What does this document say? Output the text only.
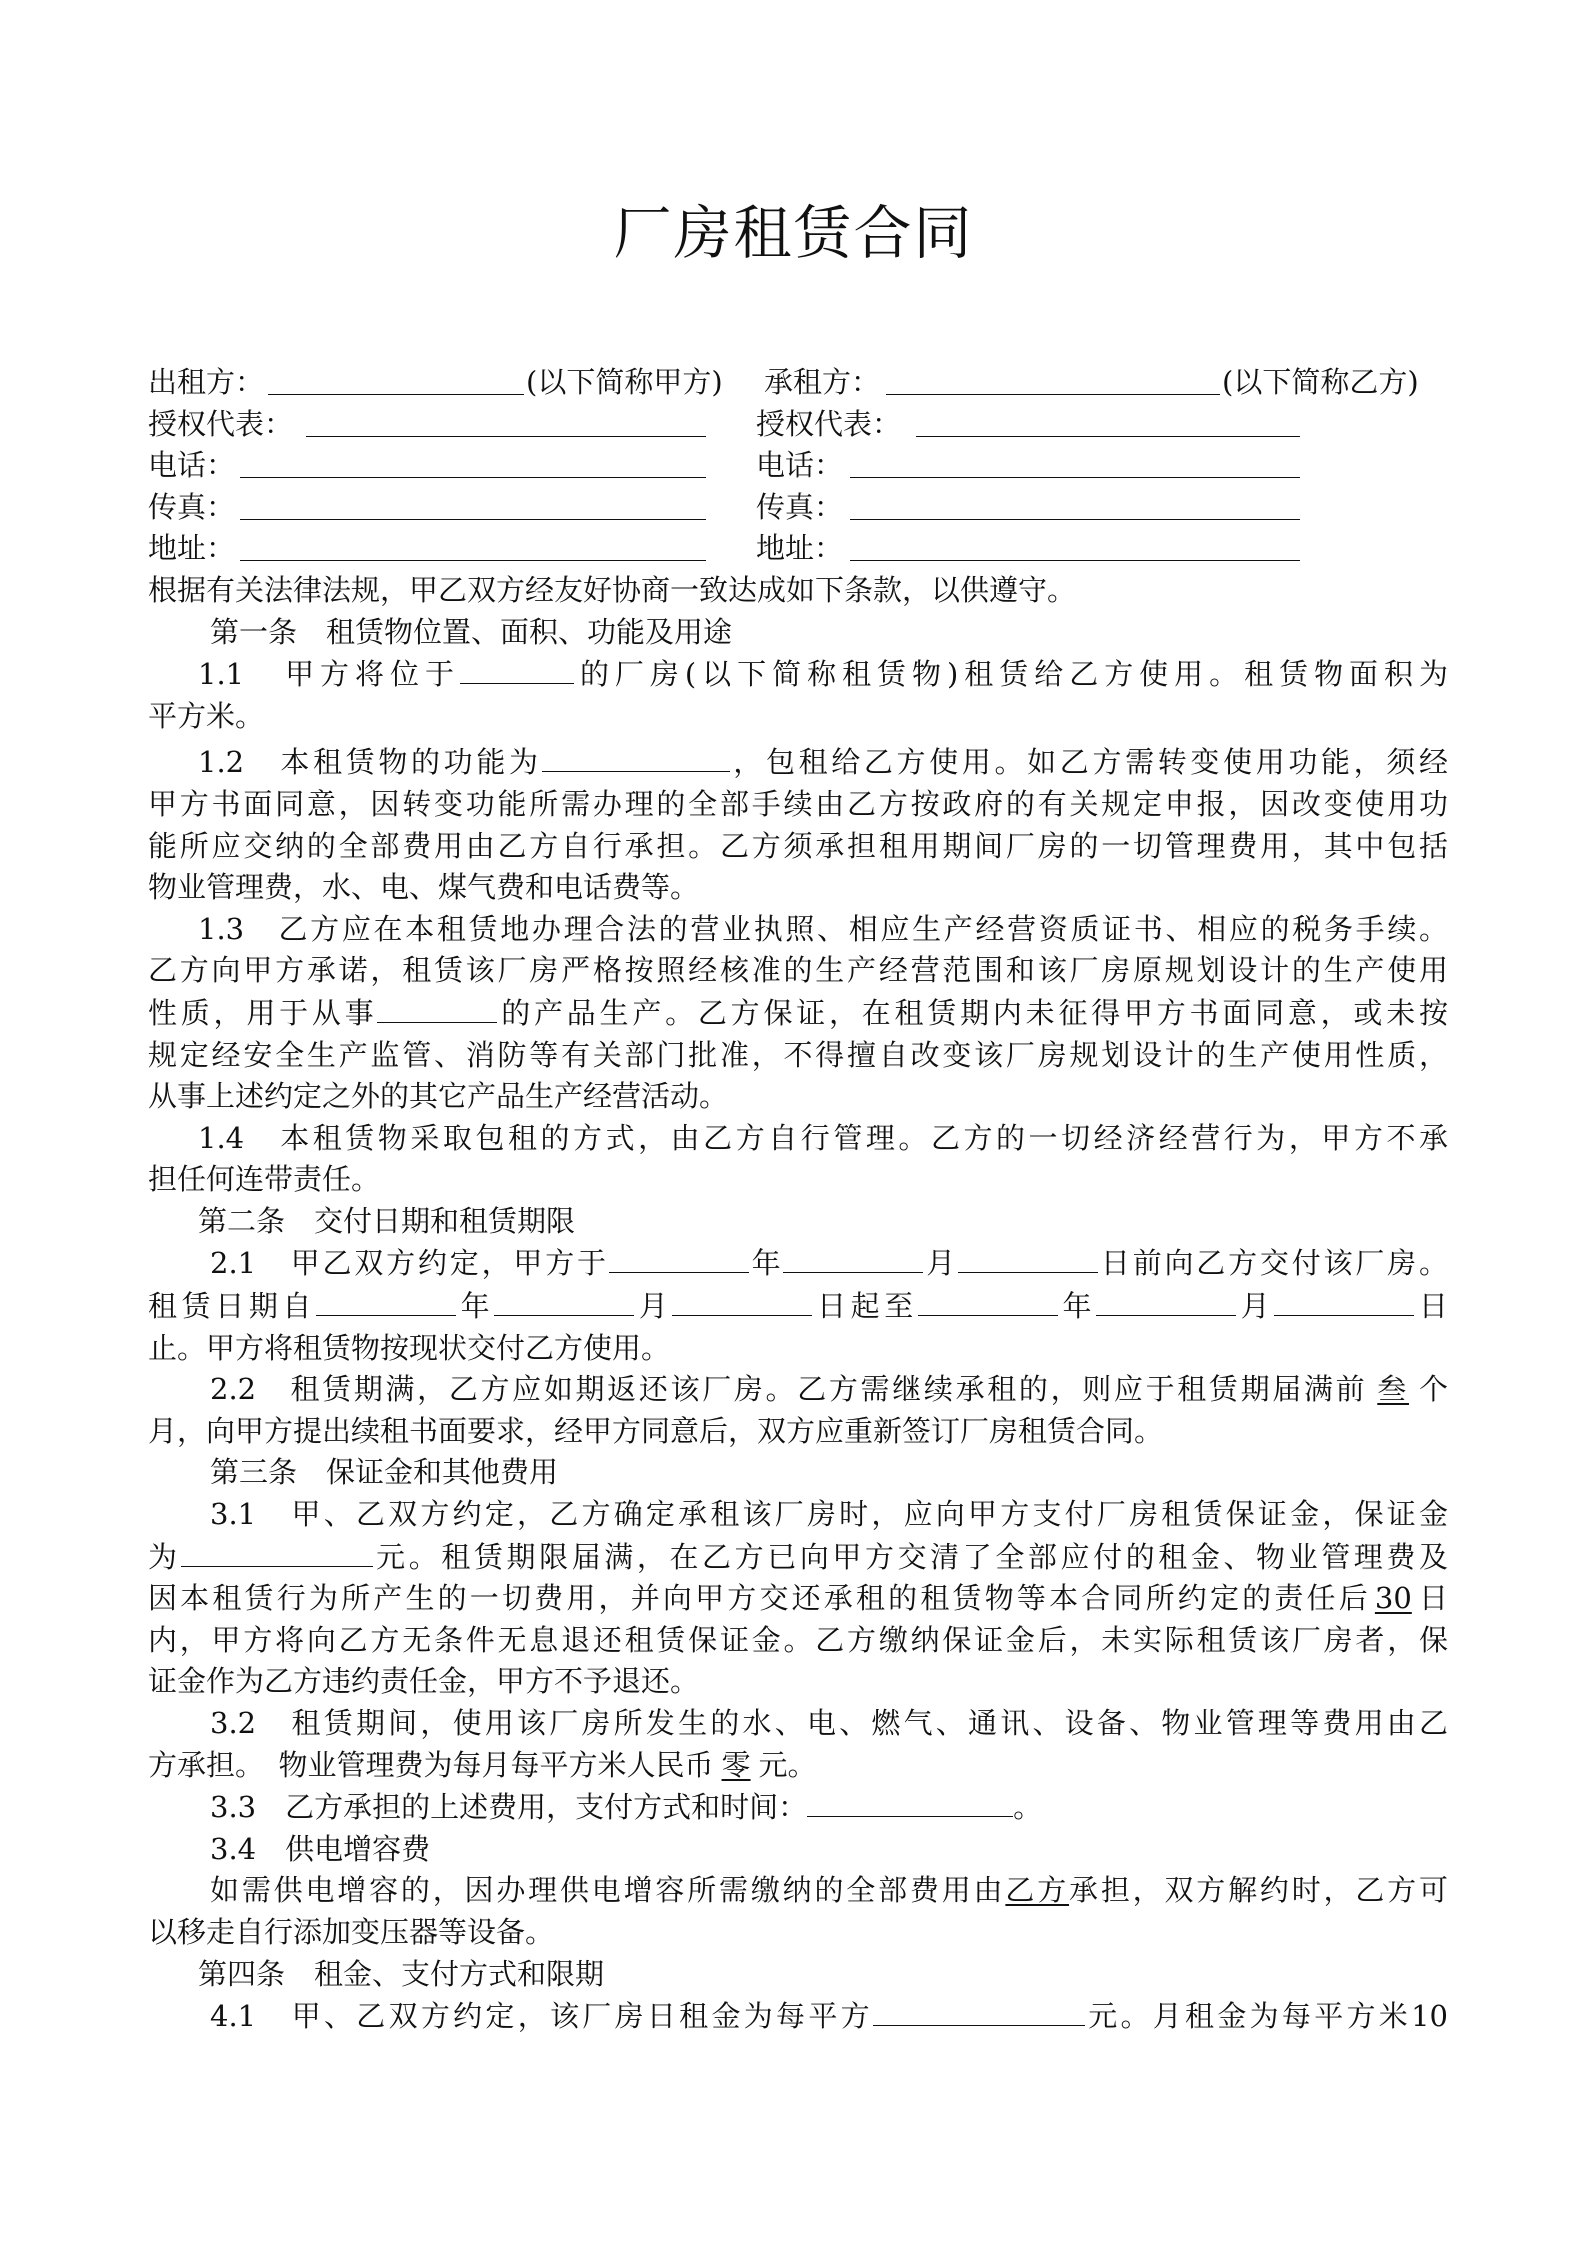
厂房租赁合同
出租方：	(以下简称甲方) 承租方：	(以下简称乙方)
授权代表：	授权代表：
电话：	电话：
传真：	传真：
地址：	地址：
根据有关法律法规，甲乙双方经友好协商一致达成如下条款，以供遵守。
第一条　租赁物位置、面积、功能及用途
1.1　甲方将位于	的厂房(以下简称租赁物)租赁给乙方使用。租赁物面积为
平方米。
1.2　本租赁物的功能为	，包租给乙方使用。如乙方需转变使用功能，须经
甲方书面同意，因转变功能所需办理的全部手续由乙方按政府的有关规定申报，因改变使用功
能所应交纳的全部费用由乙方自行承担。乙方须承担租用期间厂房的一切管理费用，其中包括
物业管理费，水、电、煤气费和电话费等。
1.3　乙方应在本租赁地办理合法的营业执照、相应生产经营资质证书、相应的税务手续。
乙方向甲方承诺，租赁该厂房严格按照经核准的生产经营范围和该厂房原规划设计的生产使用
性质，用于从事	的产品生产。乙方保证，在租赁期内未征得甲方书面同意，或未按
规定经安全生产监管、消防等有关部门批准，不得擅自改变该厂房规划设计的生产使用性质，
从事上述约定之外的其它产品生产经营活动。
1.4　本租赁物采取包租的方式，由乙方自行管理。乙方的一切经济经营行为，甲方不承
担任何连带责任。
第二条　交付日期和租赁期限
2.1　甲乙双方约定，甲方于	年	月	日前向乙方交付该厂房。
租赁日期自	年	月	日起至	年	月	日
止。甲方将租赁物按现状交付乙方使用。
2.2　租赁期满，乙方应如期返还该厂房。乙方需继续承租的，则应于租赁期届满前 叁 个
月，向甲方提出续租书面要求，经甲方同意后，双方应重新签订厂房租赁合同。
第三条　保证金和其他费用
3.1　甲、乙双方约定，乙方确定承租该厂房时，应向甲方支付厂房租赁保证金，保证金
为	元。租赁期限届满，在乙方已向甲方交清了全部应付的租金、物业管理费及
因本租赁行为所产生的一切费用，并向甲方交还承租的租赁物等本合同所约定的责任后 30 日
内，甲方将向乙方无条件无息退还租赁保证金。乙方缴纳保证金后，未实际租赁该厂房者，保
证金作为乙方违约责任金，甲方不予退还。
3.2　租赁期间，使用该厂房所发生的水、电、燃气、通讯、设备、物业管理等费用由乙
方承担。　物业管理费为每月每平方米人民币 零 元。
3.3　乙方承担的上述费用，支付方式和时间：	。
3.4　供电增容费
如需供电增容的，因办理供电增容所需缴纳的全部费用由乙方承担，双方解约时，乙方可
以移走自行添加变压器等设备。
第四条　租金、支付方式和限期
4.1　甲、乙双方约定，该厂房日租金为每平方	元。月租金为每平方米10
